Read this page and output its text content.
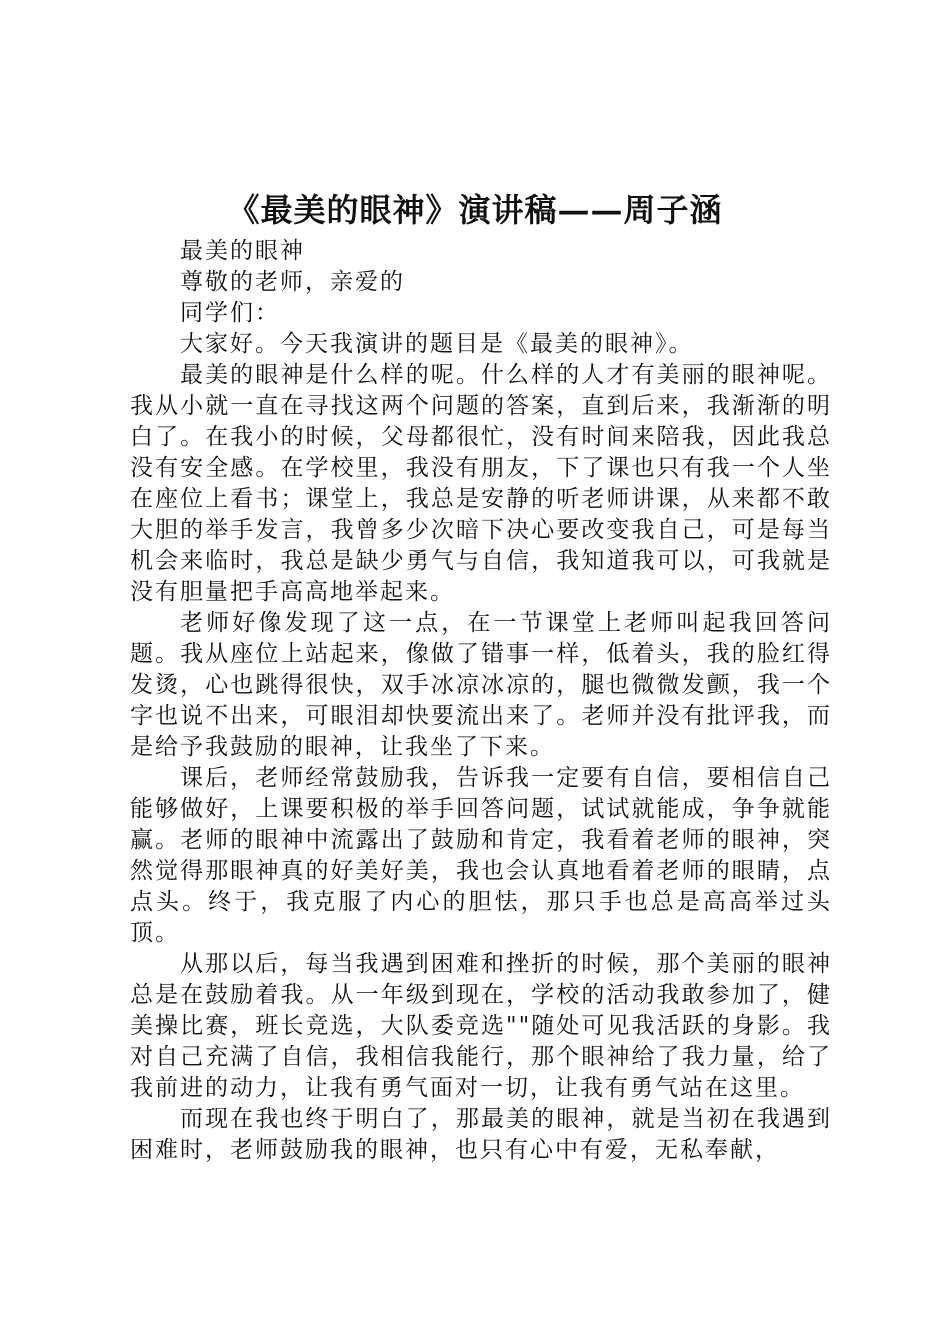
《最美的眼神》演讲稿——周子涵

最美的眼神

尊敬的老师，亲爱的

同学们：

大家好。今天我演讲的题目是《最美的眼神》。

最美的眼神是什么样的呢。什么样的人才有美丽的眼神呢。我从小就一直在寻找这两个问题的答案，直到后来，我渐渐的明白了。在我小的时候，父母都很忙，没有时间来陪我，因此我总没有安全感。在学校里，我没有朋友，下了课也只有我一个人坐在座位上看书；课堂上，我总是安静的听老师讲课，从来都不敢大胆的举手发言，我曾多少次暗下决心要改变我自己，可是每当机会来临时，我总是缺少勇气与自信，我知道我可以，可我就是没有胆量把手高高地举起来。

老师好像发现了这一点，在一节课堂上老师叫起我回答问题。我从座位上站起来，像做了错事一样，低着头，我的脸红得发烫，心也跳得很快，双手冰凉冰凉的，腿也微微发颤，我一个字也说不出来，可眼泪却快要流出来了。老师并没有批评我，而是给予我鼓励的眼神，让我坐了下来。

课后，老师经常鼓励我，告诉我一定要有自信，要相信自己能够做好，上课要积极的举手回答问题，试试就能成，争争就能赢。老师的眼神中流露出了鼓励和肯定，我看着老师的眼神，突然觉得那眼神真的好美好美，我也会认真地看着老师的眼睛，点点头。终于，我克服了内心的胆怯，那只手也总是高高举过头顶。

从那以后，每当我遇到困难和挫折的时候，那个美丽的眼神总是在鼓励着我。从一年级到现在，学校的活动我敢参加了，健美操比赛，班长竞选，大队委竞选""随处可见我活跃的身影。我对自己充满了自信，我相信我能行，那个眼神给了我力量，给了我前进的动力，让我有勇气面对一切，让我有勇气站在这里。

而现在我也终于明白了，那最美的眼神，就是当初在我遇到困难时，老师鼓励我的眼神，也只有心中有爱，无私奉献，
